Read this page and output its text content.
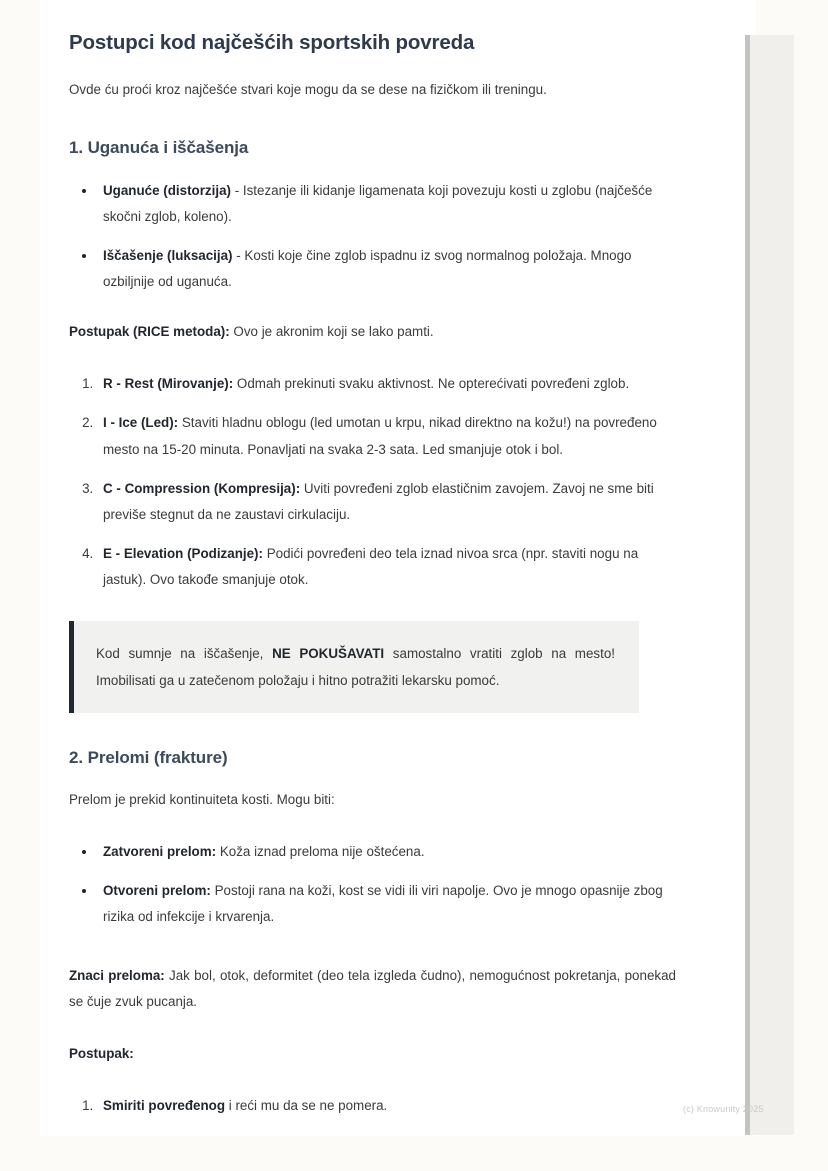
Postupci kod najčešćih sportskih povreda

Ovde ću proći kroz najčešće stvari koje mogu da se dese na fizičkom ili treningu.

1. Uganuća i iščašenja
• Uganuće (distorzija) - Istezanje ili kidanje ligamenata koji povezuju kosti u zglobu (najčešće skočni zglob, koleno).
• Iščašenje (luksacija) - Kosti koje čine zglob ispadnu iz svog normalnog položaja. Mnogo ozbiljnije od uganuća.

Postupak (RICE metoda): Ovo je akronim koji se lako pamti.

1. R - Rest (Mirovanje): Odmah prekinuti svaku aktivnost. Ne opterećivati povređeni zglob.
2. I - Ice (Led): Staviti hladnu oblogu (led umotan u krpu, nikad direktno na kožu!) na povređeno mesto na 15-20 minuta. Ponavljati na svaka 2-3 sata. Led smanjuje otok i bol.
3. C - Compression (Kompresija): Uviti povređeni zglob elastičnim zavojem. Zavoj ne sme biti previše stegnut da ne zaustavi cirkulaciju.
4. E - Elevation (Podizanje): Podići povređeni deo tela iznad nivoa srca (npr. staviti nogu na jastuk). Ovo takođe smanjuje otok.

Kod sumnje na iščašenje, NE POKUŠAVATI samostalno vratiti zglob na mesto! Imobilisati ga u zatečenom položaju i hitno potražiti lekarsku pomoć.

2. Prelomi (frakture)

Prelom je prekid kontinuiteta kosti. Mogu biti:

• Zatvoreni prelom: Koža iznad preloma nije oštećena.
• Otvoreni prelom: Postoji rana na koži, kost se vidi ili viri napolje. Ovo je mnogo opasnije zbog rizika od infekcije i krvarenja.

Znaci preloma: Jak bol, otok, deformitet (deo tela izgleda čudno), nemogućnost pokretanja, ponekad se čuje zvuk pucanja.

Postupak:

1. Smiriti povređenog i reći mu da se ne pomera.	(c) Knowunity 2025
